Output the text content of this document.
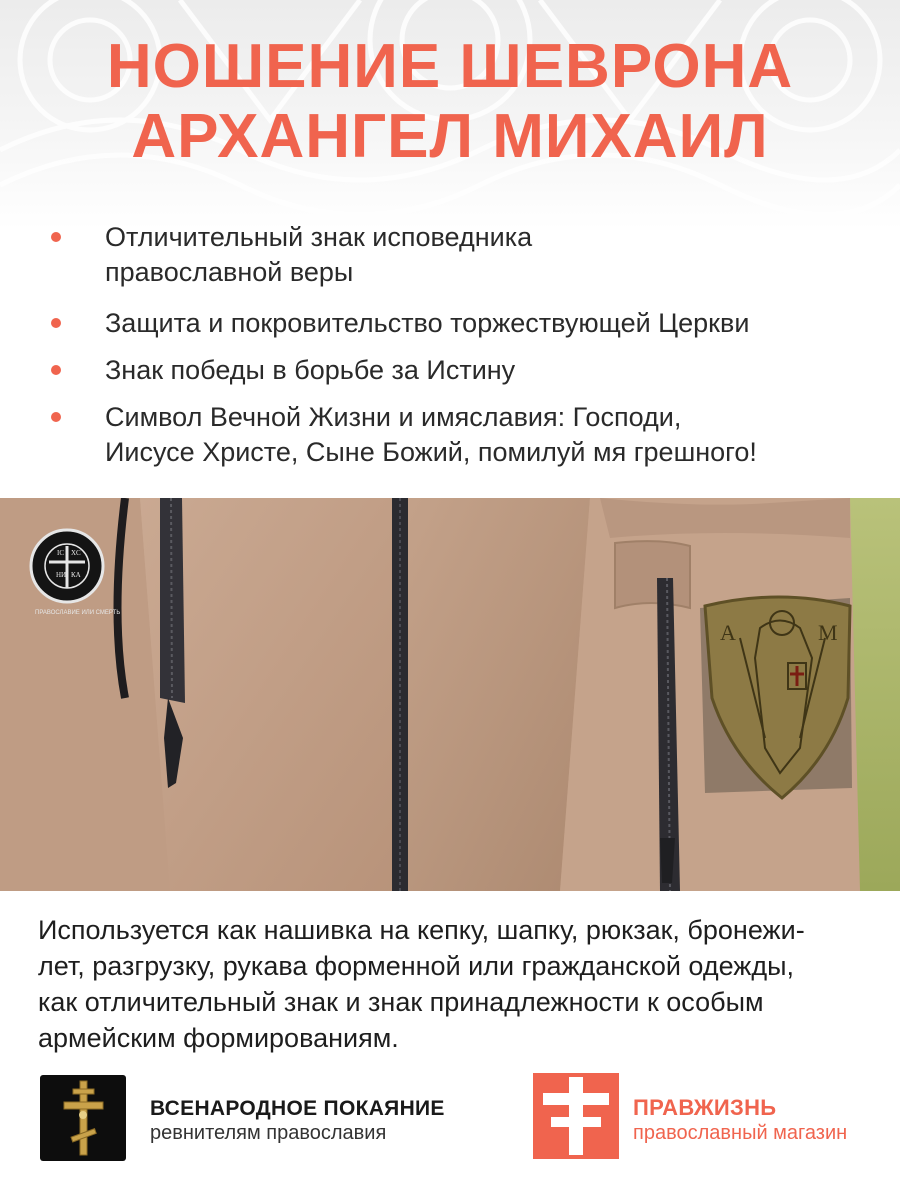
НОШЕНИЕ ШЕВРОНА
АРХАНГЕЛ МИХАИЛ
Отличительный знак исповедника
православной веры
Защита и покровительство торжествующей Церкви
Знак победы в борьбе за Истину
Символ Вечной Жизни и имяславия: Господи,
Иисусе Христе, Сыне Божий, помилуй мя грешного!
IC XC
НИ КА
ПРАВОСЛАВИЕ ИЛИ СМЕРТЬ
А	М

Используется как нашивка на кепку, шапку, рюкзак, бронежи-
лет, разгрузку, рукава форменной или гражданской одежды,
как отличительный знак и знак принадлежности к особым
армейским формированиям.

ВСЕНАРОДНОЕ ПОКАЯНИЕ
ревнителям православия
ПРАВЖИЗНЬ
православный магазин
